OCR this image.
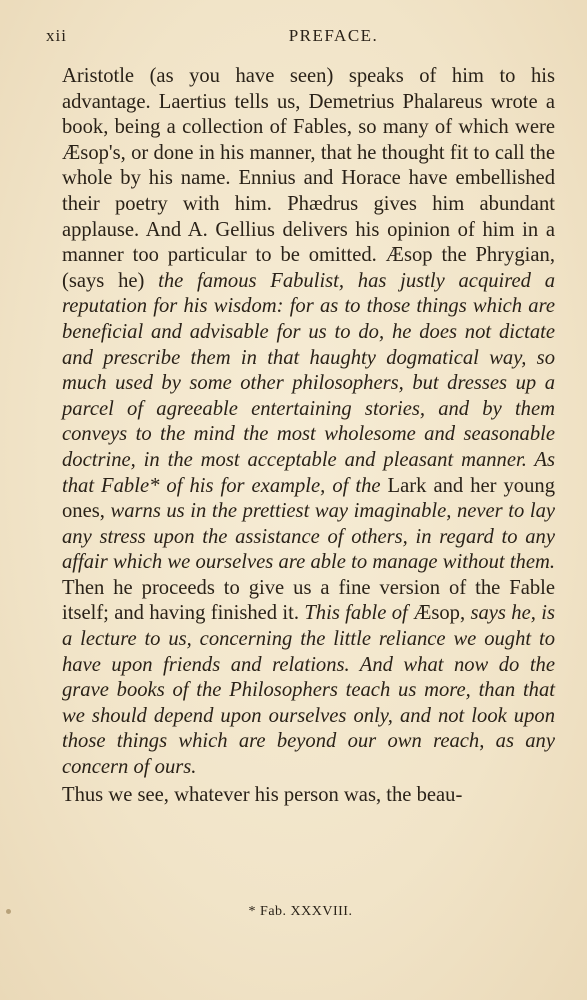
xii	PREFACE.

Aristotle (as you have seen) speaks of him to his advantage. Laertius tells us, Demetrius Phalareus wrote a book, being a collection of Fables, so many of which were Æsop's, or done in his manner, that he thought fit to call the whole by his name. Ennius and Horace have embellished their poetry with him. Phædrus gives him abundant applause. And A. Gellius delivers his opinion of him in a manner too particular to be omitted. Æsop the Phrygian, (says he) the famous Fabulist, has justly acquired a reputation for his wisdom: for as to those things which are beneficial and advisable for us to do, he does not dictate and prescribe them in that haughty dogmatical way, so much used by some other philosophers, but dresses up a parcel of agreeable entertaining stories, and by them conveys to the mind the most wholesome and seasonable doctrine, in the most acceptable and pleasant manner. As that Fable* of his for example, of the Lark and her young ones, warns us in the prettiest way imaginable, never to lay any stress upon the assistance of others, in regard to any affair which we ourselves are able to manage without them. Then he proceeds to give us a fine version of the Fable itself; and having finished it. This fable of Æsop, says he, is a lecture to us, concerning the little reliance we ought to have upon friends and relations. And what now do the grave books of the Philosophers teach us more, than that we should depend upon ourselves only, and not look upon those things which are beyond our own reach, as any concern of ours.

Thus we see, whatever his person was, the beau-

* Fab. XXXVIII.
